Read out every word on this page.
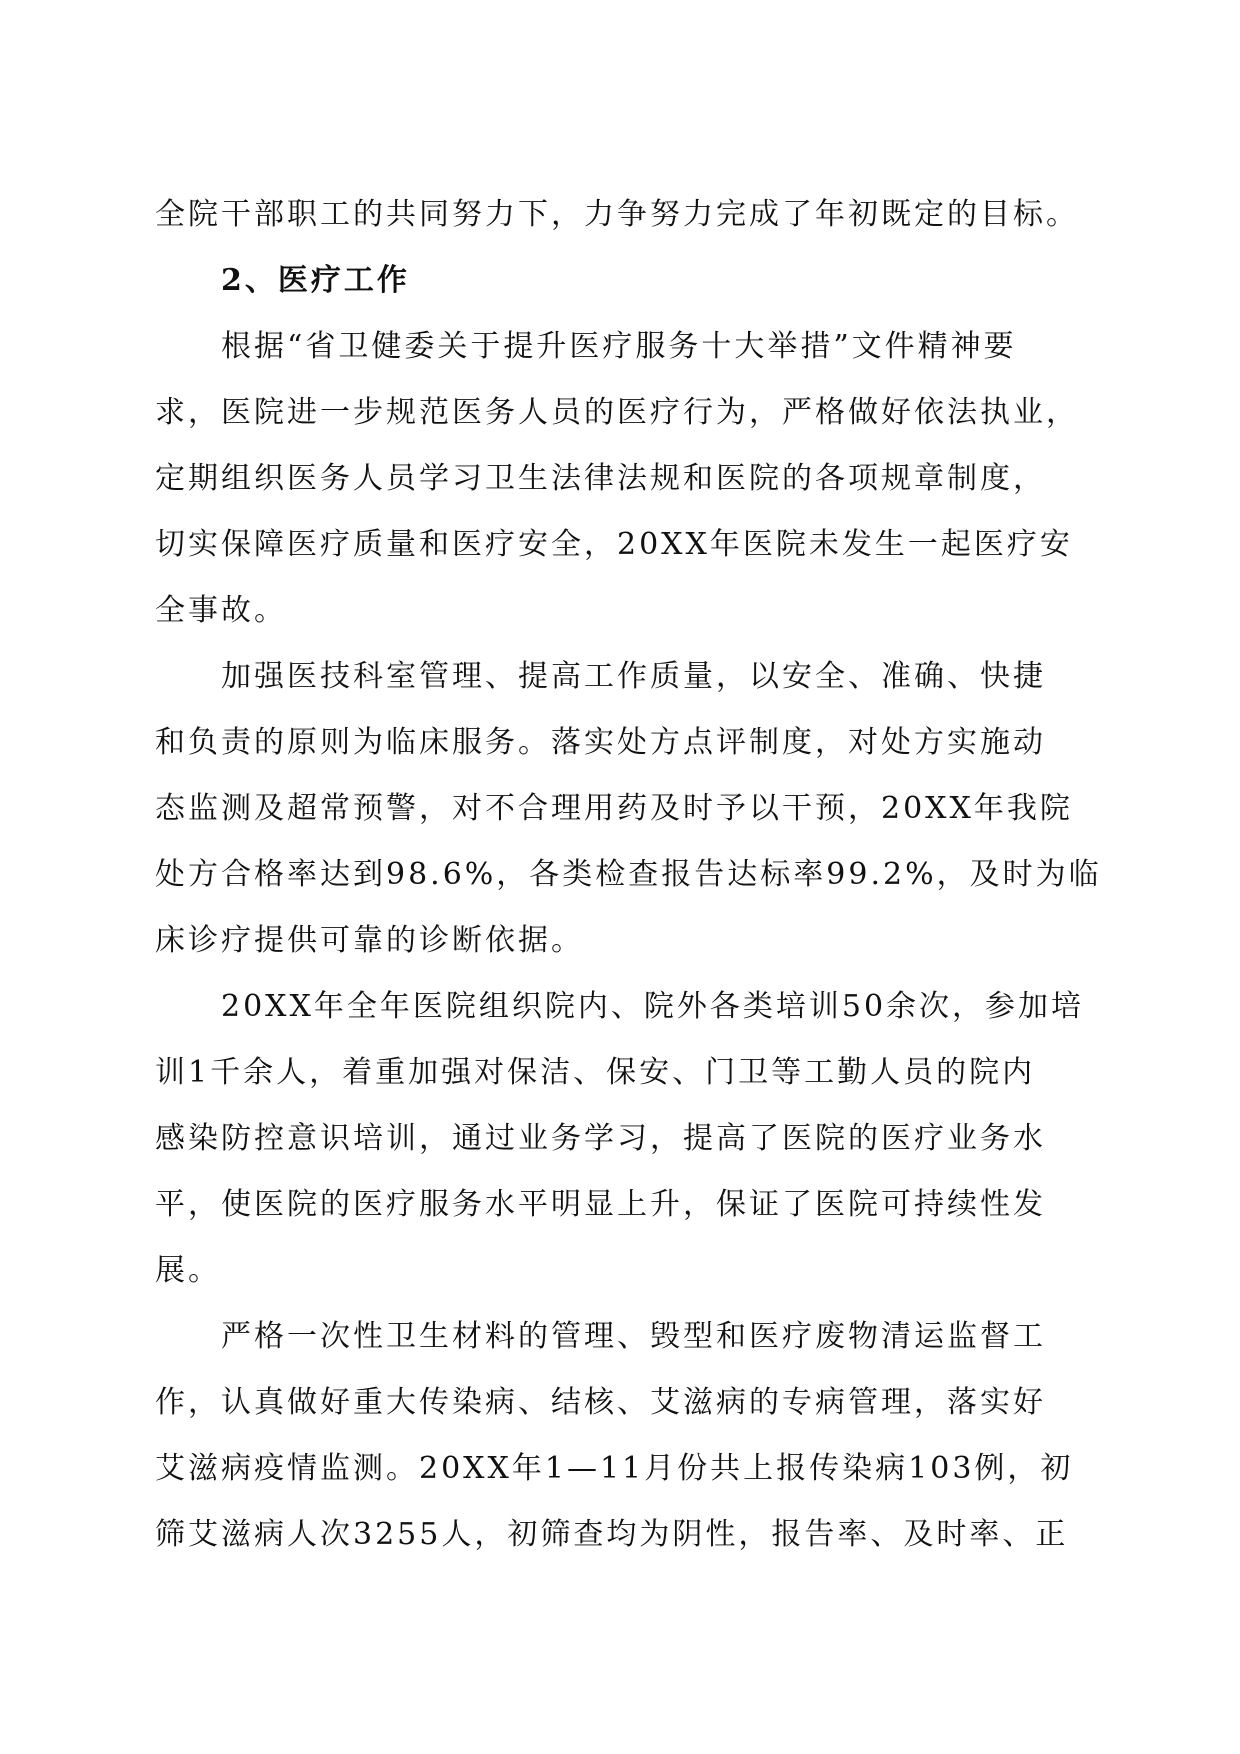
全院干部职工的共同努力下，力争努力完成了年初既定的目标。
2、医疗工作
根据“省卫健委关于提升医疗服务十大举措”文件精神要
求，医院进一步规范医务人员的医疗行为，严格做好依法执业，
定期组织医务人员学习卫生法律法规和医院的各项规章制度，
切实保障医疗质量和医疗安全，20XX年医院未发生一起医疗安
全事故。
加强医技科室管理、提高工作质量，以安全、准确、快捷
和负责的原则为临床服务。落实处方点评制度，对处方实施动
态监测及超常预警，对不合理用药及时予以干预，20XX年我院
处方合格率达到98.6%，各类检查报告达标率99.2%，及时为临
床诊疗提供可靠的诊断依据。
20XX年全年医院组织院内、院外各类培训50余次，参加培
训1千余人，着重加强对保洁、保安、门卫等工勤人员的院内
感染防控意识培训，通过业务学习，提高了医院的医疗业务水
平，使医院的医疗服务水平明显上升，保证了医院可持续性发
展。
严格一次性卫生材料的管理、毁型和医疗废物清运监督工
作，认真做好重大传染病、结核、艾滋病的专病管理，落实好
艾滋病疫情监测。20XX年1—11月份共上报传染病103例，初
筛艾滋病人次3255人，初筛查均为阴性，报告率、及时率、正
